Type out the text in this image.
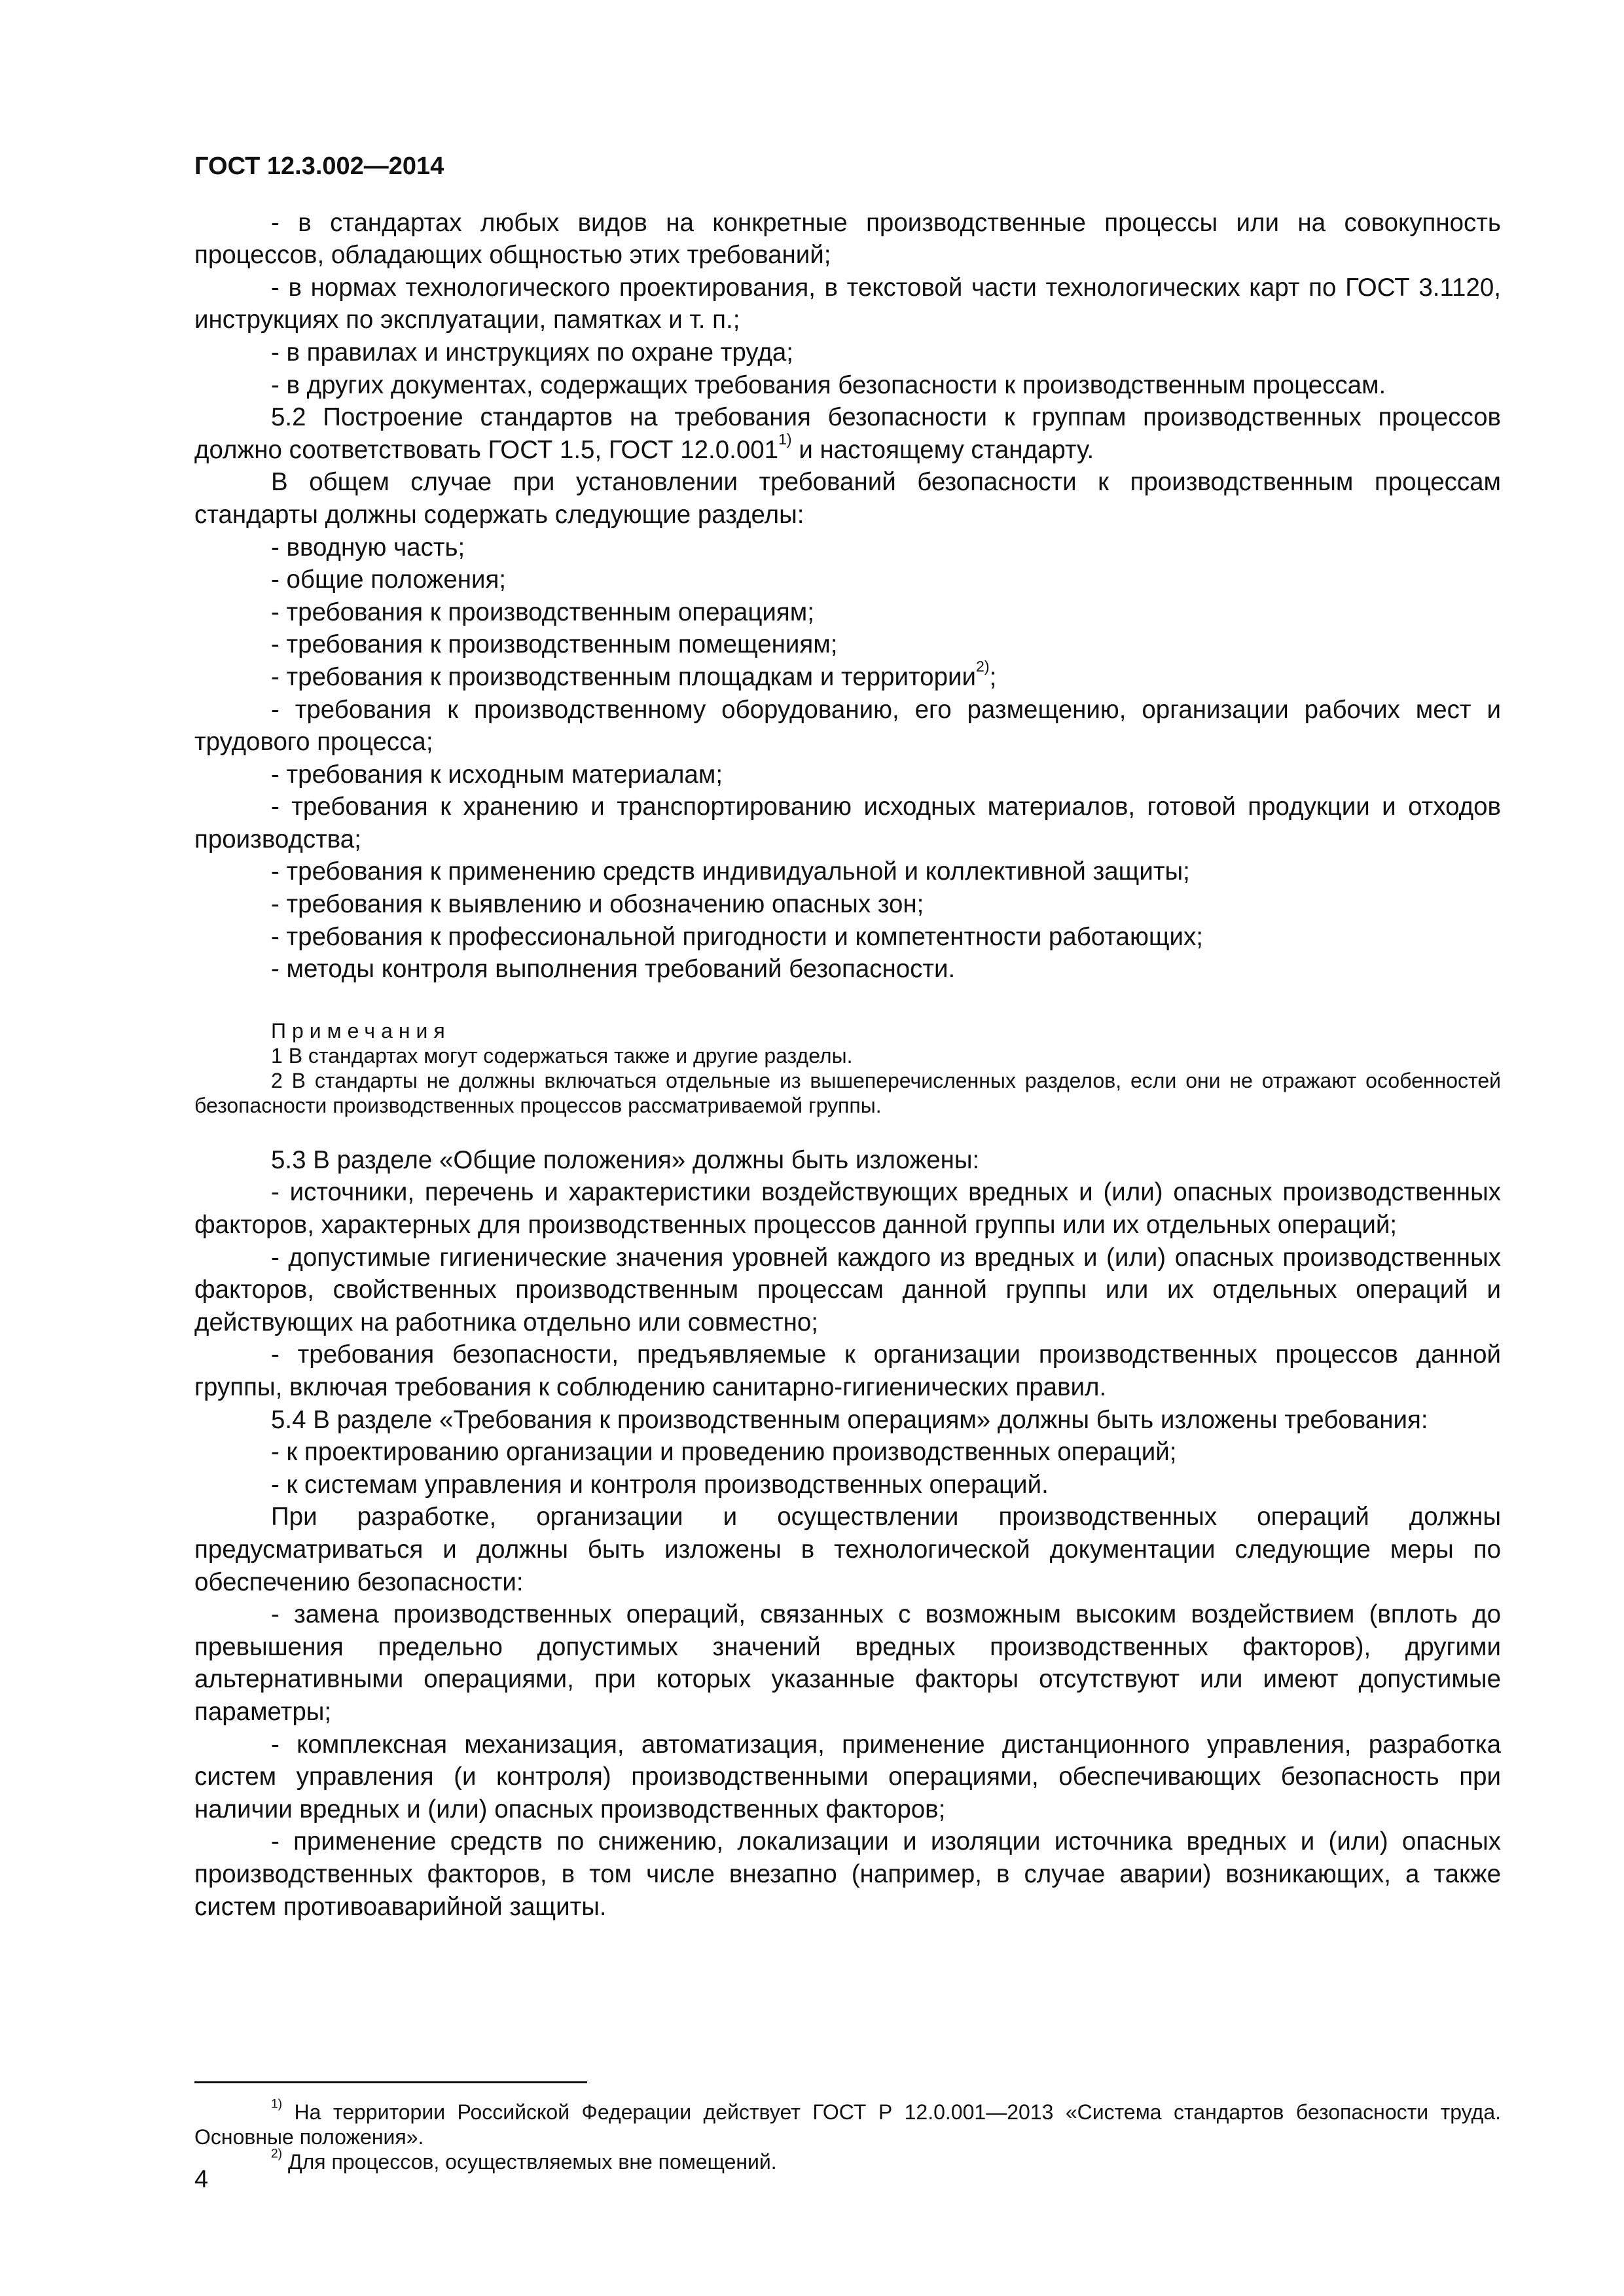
ГОСТ 12.3.002—2014

- в стандартах любых видов на конкретные производственные процессы или на совокупность процессов, обладающих общностью этих требований;

- в нормах технологического проектирования, в текстовой части технологических карт по ГОСТ 3.1120, инструкциях по эксплуатации, памятках и т. п.;

- в правилах и инструкциях по охране труда;

- в других документах, содержащих требования безопасности к производственным процессам.

5.2 Построение стандартов на требования безопасности к группам производственных процессов должно соответствовать ГОСТ 1.5, ГОСТ 12.0.001$^{1)}$ и настоящему стандарту.

В общем случае при установлении требований безопасности к производственным процессам стандарты должны содержать следующие разделы:

- вводную часть;

- общие положения;

- требования к производственным операциям;

- требования к производственным помещениям;

- требования к производственным площадкам и территории$^{2)}$;

- требования к производственному оборудованию, его размещению, организации рабочих мест и трудового процесса;

- требования к исходным материалам;

- требования к хранению и транспортированию исходных материалов, готовой продукции и отходов производства;

- требования к применению средств индивидуальной и коллективной защиты;

- требования к выявлению и обозначению опасных зон;

- требования к профессиональной пригодности и компетентности работающих;

- методы контроля выполнения требований безопасности.

Примечания

1 В стандартах могут содержаться также и другие разделы.

2 В стандарты не должны включаться отдельные из вышеперечисленных разделов, если они не отражают особенностей безопасности производственных процессов рассматриваемой группы.

5.3 В разделе «Общие положения» должны быть изложены:

- источники, перечень и характеристики воздействующих вредных и (или) опасных производственных факторов, характерных для производственных процессов данной группы или их отдельных операций;

- допустимые гигиенические значения уровней каждого из вредных и (или) опасных производственных факторов, свойственных производственным процессам данной группы или их отдельных операций и действующих на работника отдельно или совместно;

- требования безопасности, предъявляемые к организации производственных процессов данной группы, включая требования к соблюдению санитарно-гигиенических правил.

5.4 В разделе «Требования к производственным операциям» должны быть изложены требования:

- к проектированию организации и проведению производственных операций;

- к системам управления и контроля производственных операций.

При разработке, организации и осуществлении производственных операций должны предусматриваться и должны быть изложены в технологической документации следующие меры по обеспечению безопасности:

- замена производственных операций, связанных с возможным высоким воздействием (вплоть до превышения предельно допустимых значений вредных производственных факторов), другими альтернативными операциями, при которых указанные факторы отсутствуют или имеют допустимые параметры;

- комплексная механизация, автоматизация, применение дистанционного управления, разработка систем управления (и контроля) производственными операциями, обеспечивающих безопасность при наличии вредных и (или) опасных производственных факторов;

- применение средств по снижению, локализации и изоляции источника вредных и (или) опасных производственных факторов, в том числе внезапно (например, в случае аварии) возникающих, а также систем противоаварийной защиты.

$^{1)}$ На территории Российской Федерации действует ГОСТ Р 12.0.001—2013 «Система стандартов безопасности труда. Основные положения».

$^{2)}$ Для процессов, осуществляемых вне помещений.

4
